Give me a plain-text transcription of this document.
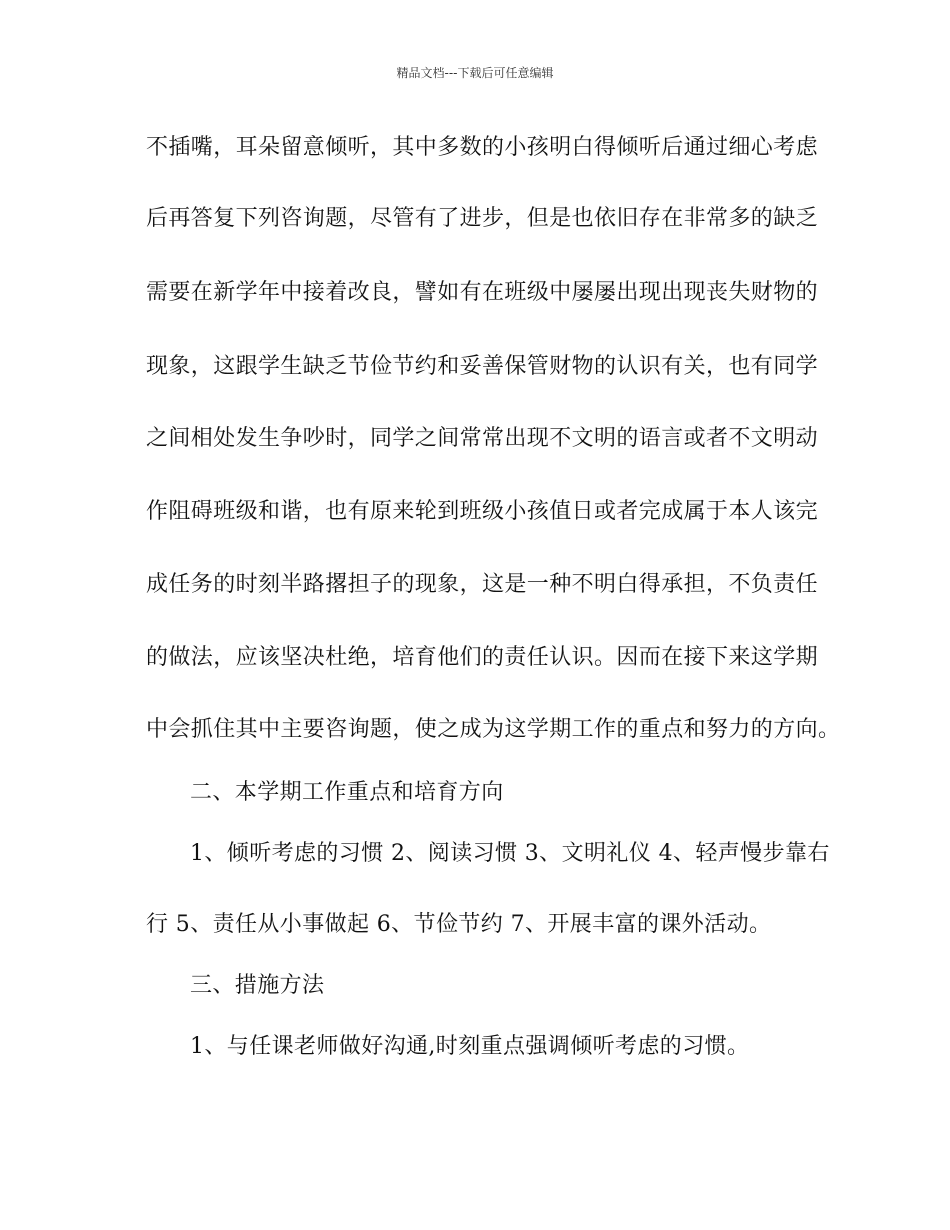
精品文档---下载后可任意编辑
不插嘴，耳朵留意倾听，其中多数的小孩明白得倾听后通过细心考虑
后再答复下列咨询题，尽管有了进步，但是也依旧存在非常多的缺乏
需要在新学年中接着改良，譬如有在班级中屡屡出现出现丧失财物的
现象，这跟学生缺乏节俭节约和妥善保管财物的认识有关，也有同学
之间相处发生争吵时，同学之间常常出现不文明的语言或者不文明动
作阻碍班级和谐，也有原来轮到班级小孩值日或者完成属于本人该完
成任务的时刻半路撂担子的现象，这是一种不明白得承担，不负责任
的做法，应该坚决杜绝，培育他们的责任认识。因而在接下来这学期
中会抓住其中主要咨询题，使之成为这学期工作的重点和努力的方向。
二、本学期工作重点和培育方向
1、倾听考虑的习惯 2、阅读习惯 3、文明礼仪 4、轻声慢步靠右
行 5、责任从小事做起 6、节俭节约 7、开展丰富的课外活动。
三、措施方法
1、与任课老师做好沟通,时刻重点强调倾听考虑的习惯。
